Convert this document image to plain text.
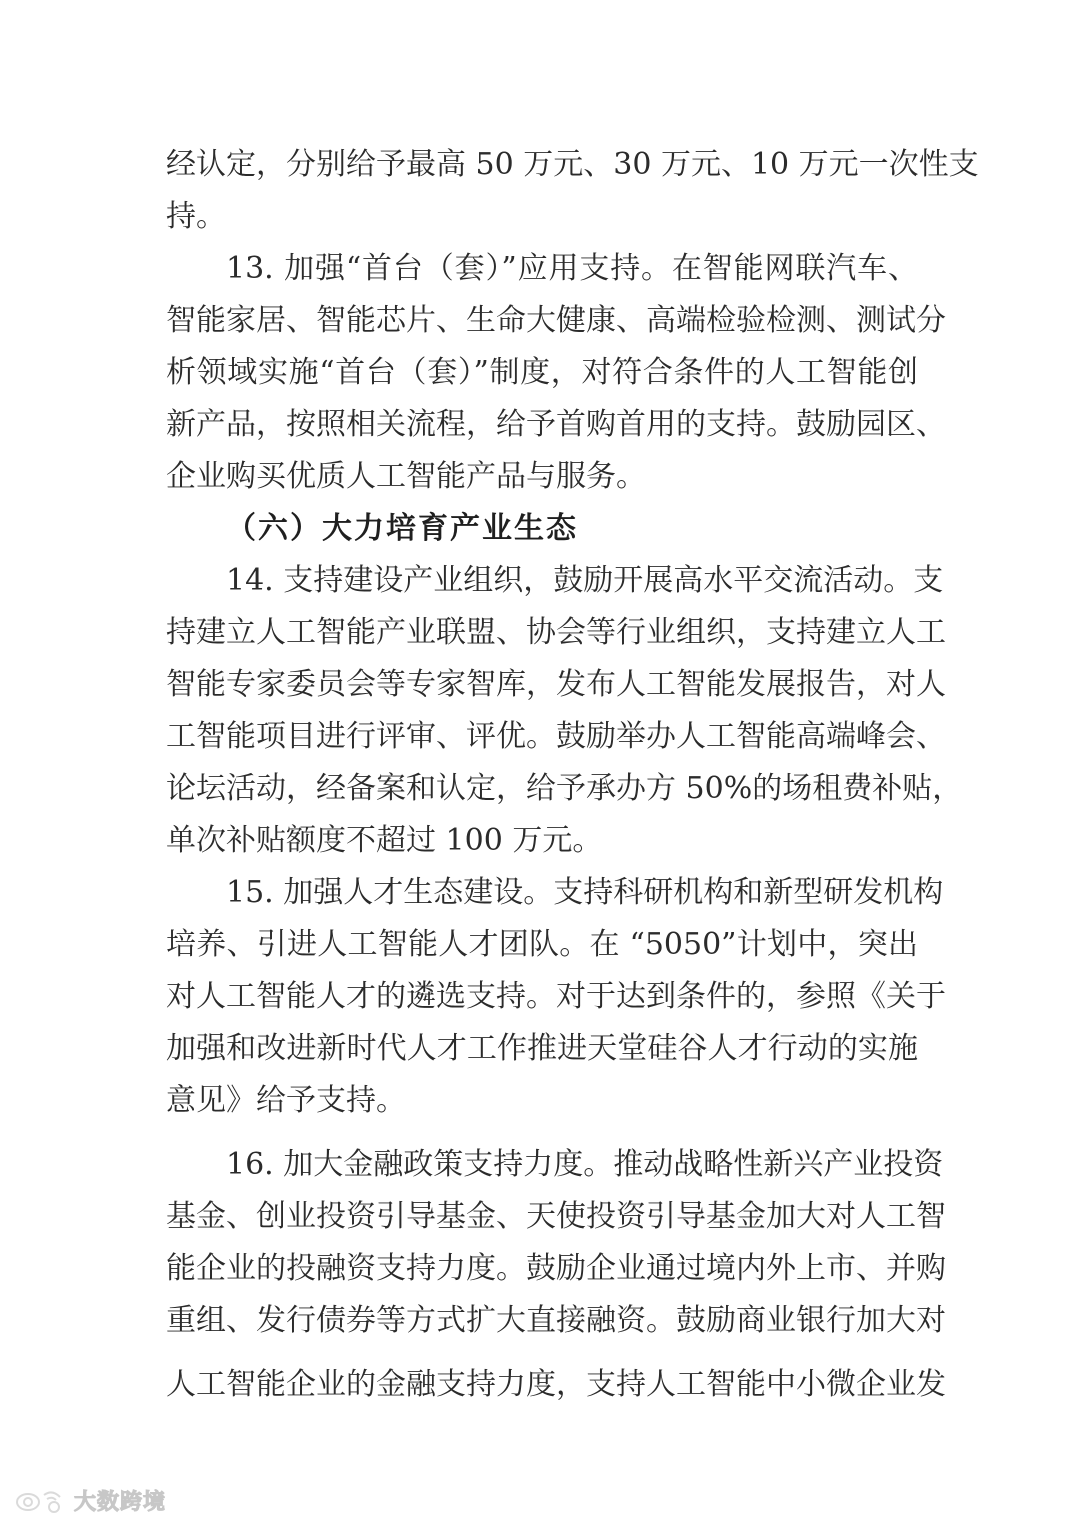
经认定，分别给予最高 50 万元、30 万元、10 万元一次性支
持。
13. 加强“首台（套）”应用支持。在智能网联汽车、
智能家居、智能芯片、生命大健康、高端检验检测、测试分
析领域实施“首台（套）”制度，对符合条件的人工智能创
新产品，按照相关流程，给予首购首用的支持。鼓励园区、
企业购买优质人工智能产品与服务。
（六）大力培育产业生态
14. 支持建设产业组织，鼓励开展高水平交流活动。支
持建立人工智能产业联盟、协会等行业组织，支持建立人工
智能专家委员会等专家智库，发布人工智能发展报告，对人
工智能项目进行评审、评优。鼓励举办人工智能高端峰会、
论坛活动，经备案和认定，给予承办方 50%的场租费补贴，
单次补贴额度不超过 100 万元。
15. 加强人才生态建设。支持科研机构和新型研发机构
培养、引进人工智能人才团队。在 “5050”计划中，突出
对人工智能人才的遴选支持。对于达到条件的，参照《关于
加强和改进新时代人才工作推进天堂硅谷人才行动的实施
意见》给予支持。
16. 加大金融政策支持力度。推动战略性新兴产业投资
基金、创业投资引导基金、天使投资引导基金加大对人工智
能企业的投融资支持力度。鼓励企业通过境内外上市、并购
重组、发行债券等方式扩大直接融资。鼓励商业银行加大对
人工智能企业的金融支持力度，支持人工智能中小微企业发
大数跨境
